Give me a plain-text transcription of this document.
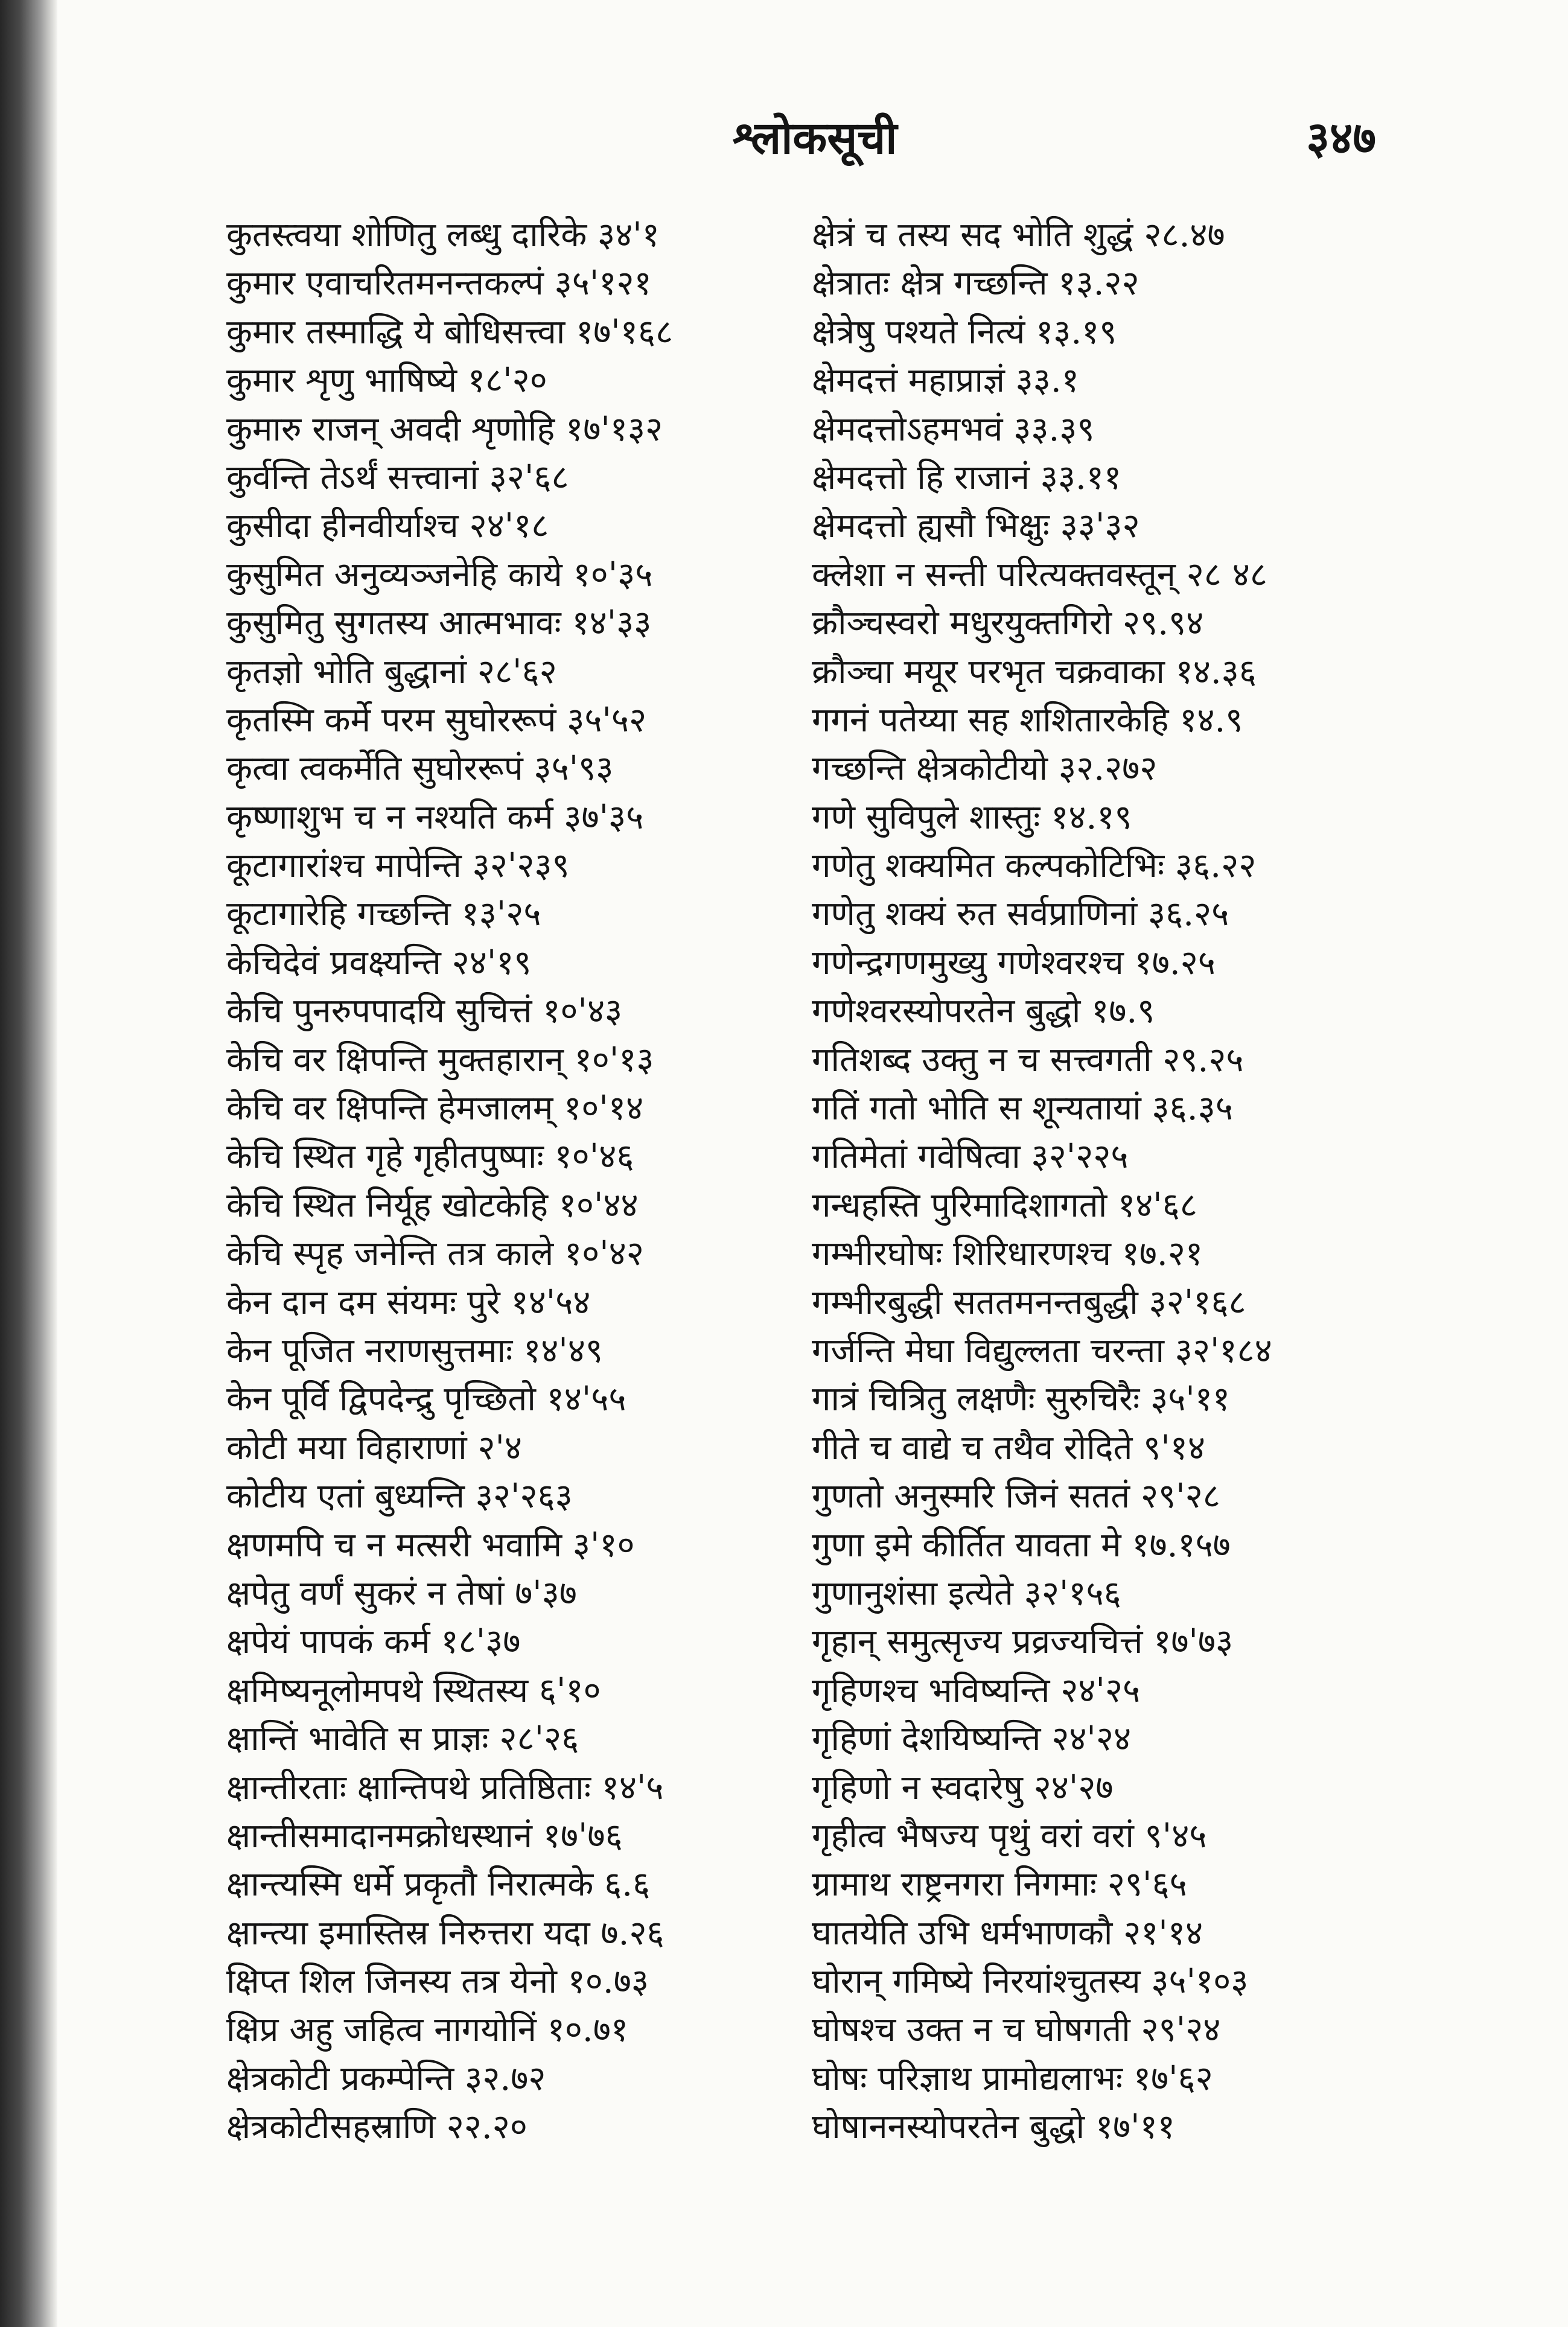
श्लोकसूची	३४७
कुतस्त्वया शोणितु लब्धु दारिके ३४'१
कुमार एवाचरितमनन्तकल्पं ३५'१२१
कुमार तस्माद्धि ये बोधिसत्त्वा १७'१६८
कुमार शृणु भाषिष्ये १८'२०
कुमारु राजन् अवदी शृणोहि १७'१३२
कुर्वन्ति तेऽर्थं सत्त्वानां ३२'६८
कुसीदा हीनवीर्याश्च २४'१८
कुसुमित अनुव्यञ्जनेहि काये १०'३५
कुसुमितु सुगतस्य आत्मभावः १४'३३
कृतज्ञो भोति बुद्धानां २८'६२
कृतस्मि कर्मे परम सुघोररूपं ३५'५२
कृत्वा त्वकर्मेति सुघोररूपं ३५'९३
कृष्णाशुभ च न नश्यति कर्म ३७'३५
कूटागारांश्च मापेन्ति ३२'२३९
कूटागारेहि गच्छन्ति १३'२५
केचिदेवं प्रवक्ष्यन्ति २४'१९
केचि पुनरुपपादयि सुचित्तं १०'४३
केचि वर क्षिपन्ति मुक्तहारान् १०'१३
केचि वर क्षिपन्ति हेमजालम् १०'१४
केचि स्थित गृहे गृहीतपुष्पाः १०'४६
केचि स्थित निर्यूह खोटकेहि १०'४४
केचि स्पृह जनेन्ति तत्र काले १०'४२
केन दान दम संयमः पुरे १४'५४
केन पूजित नराणसुत्तमाः १४'४९
केन पूर्वि द्विपदेन्द्रु पृच्छितो १४'५५
कोटी मया विहाराणां २'४
कोटीय एतां बुध्यन्ति ३२'२६३
क्षणमपि च न मत्सरी भवामि ३'१०
क्षपेतु वर्णं सुकरं न तेषां ७'३७
क्षपेयं पापकं कर्म १८'३७
क्षमिष्यनूलोमपथे स्थितस्य ६'१०
क्षान्तिं भावेति स प्राज्ञः २८'२६
क्षान्तीरताः क्षान्तिपथे प्रतिष्ठिताः १४'५
क्षान्तीसमादानमक्रोधस्थानं १७'७६
क्षान्त्यस्मि धर्मे प्रकृतौ निरात्मके ६.६
क्षान्त्या इमास्तिस्र निरुत्तरा यदा ७.२६
क्षिप्त शिल जिनस्य तत्र येनो १०.७३
क्षिप्र अहु जहित्व नागयोनिं १०.७१
क्षेत्रकोटी प्रकम्पेन्ति ३२.७२
क्षेत्रकोटीसहस्राणि २२.२०
क्षेत्रं च तस्य सद भोति शुद्धं २८.४७
क्षेत्रातः क्षेत्र गच्छन्ति १३.२२
क्षेत्रेषु पश्यते नित्यं १३.१९
क्षेमदत्तं महाप्राज्ञं ३३.१
क्षेमदत्तोऽहमभवं ३३.३९
क्षेमदत्तो हि राजानं ३३.११
क्षेमदत्तो ह्यसौ भिक्षुः ३३'३२
क्लेशा न सन्ती परित्यक्तवस्तून् २८ ४८
क्रौञ्चस्वरो मधुरयुक्तगिरो २९.९४
क्रौञ्चा मयूर परभृत चक्रवाका १४.३६
गगनं पतेय्या सह शशितारकेहि १४.९
गच्छन्ति क्षेत्रकोटीयो ३२.२७२
गणे सुविपुले शास्तुः १४.१९
गणेतु शक्यमित कल्पकोटिभिः ३६.२२
गणेतु शक्यं रुत सर्वप्राणिनां ३६.२५
गणेन्द्रगणमुख्यु गणेश्वरश्च १७.२५
गणेश्वरस्योपरतेन बुद्धो १७.९
गतिशब्द उक्तु न च सत्त्वगती २९.२५
गतिं गतो भोति स शून्यतायां ३६.३५
गतिमेतां गवेषित्वा ३२'२२५
गन्धहस्ति पुरिमादिशागतो १४'६८
गम्भीरघोषः शिरिधारणश्च १७.२१
गम्भीरबुद्धी सततमनन्तबुद्धी ३२'१६८
गर्जन्ति मेघा विद्युल्लता चरन्ता ३२'१८४
गात्रं चित्रितु लक्षणैः सुरुचिरैः ३५'११
गीते च वाद्ये च तथैव रोदिते ९'१४
गुणतो अनुस्मरि जिनं सततं २९'२८
गुणा इमे कीर्तित यावता मे १७.१५७
गुणानुशंसा इत्येते ३२'१५६
गृहान् समुत्सृज्य प्रव्रज्यचित्तं १७'७३
गृहिणश्च भविष्यन्ति २४'२५
गृहिणां देशयिष्यन्ति २४'२४
गृहिणो न स्वदारेषु २४'२७
गृहीत्व भैषज्य पृथुं वरां वरां ९'४५
ग्रामाथ राष्ट्रनगरा निगमाः २९'६५
घातयेति उभि धर्मभाणकौ २१'१४
घोरान् गमिष्ये निरयांश्चुतस्य ३५'१०३
घोषश्च उक्त न च घोषगती २९'२४
घोषः परिज्ञाथ प्रामोद्यलाभः १७'६२
घोषाननस्योपरतेन बुद्धो १७'११
